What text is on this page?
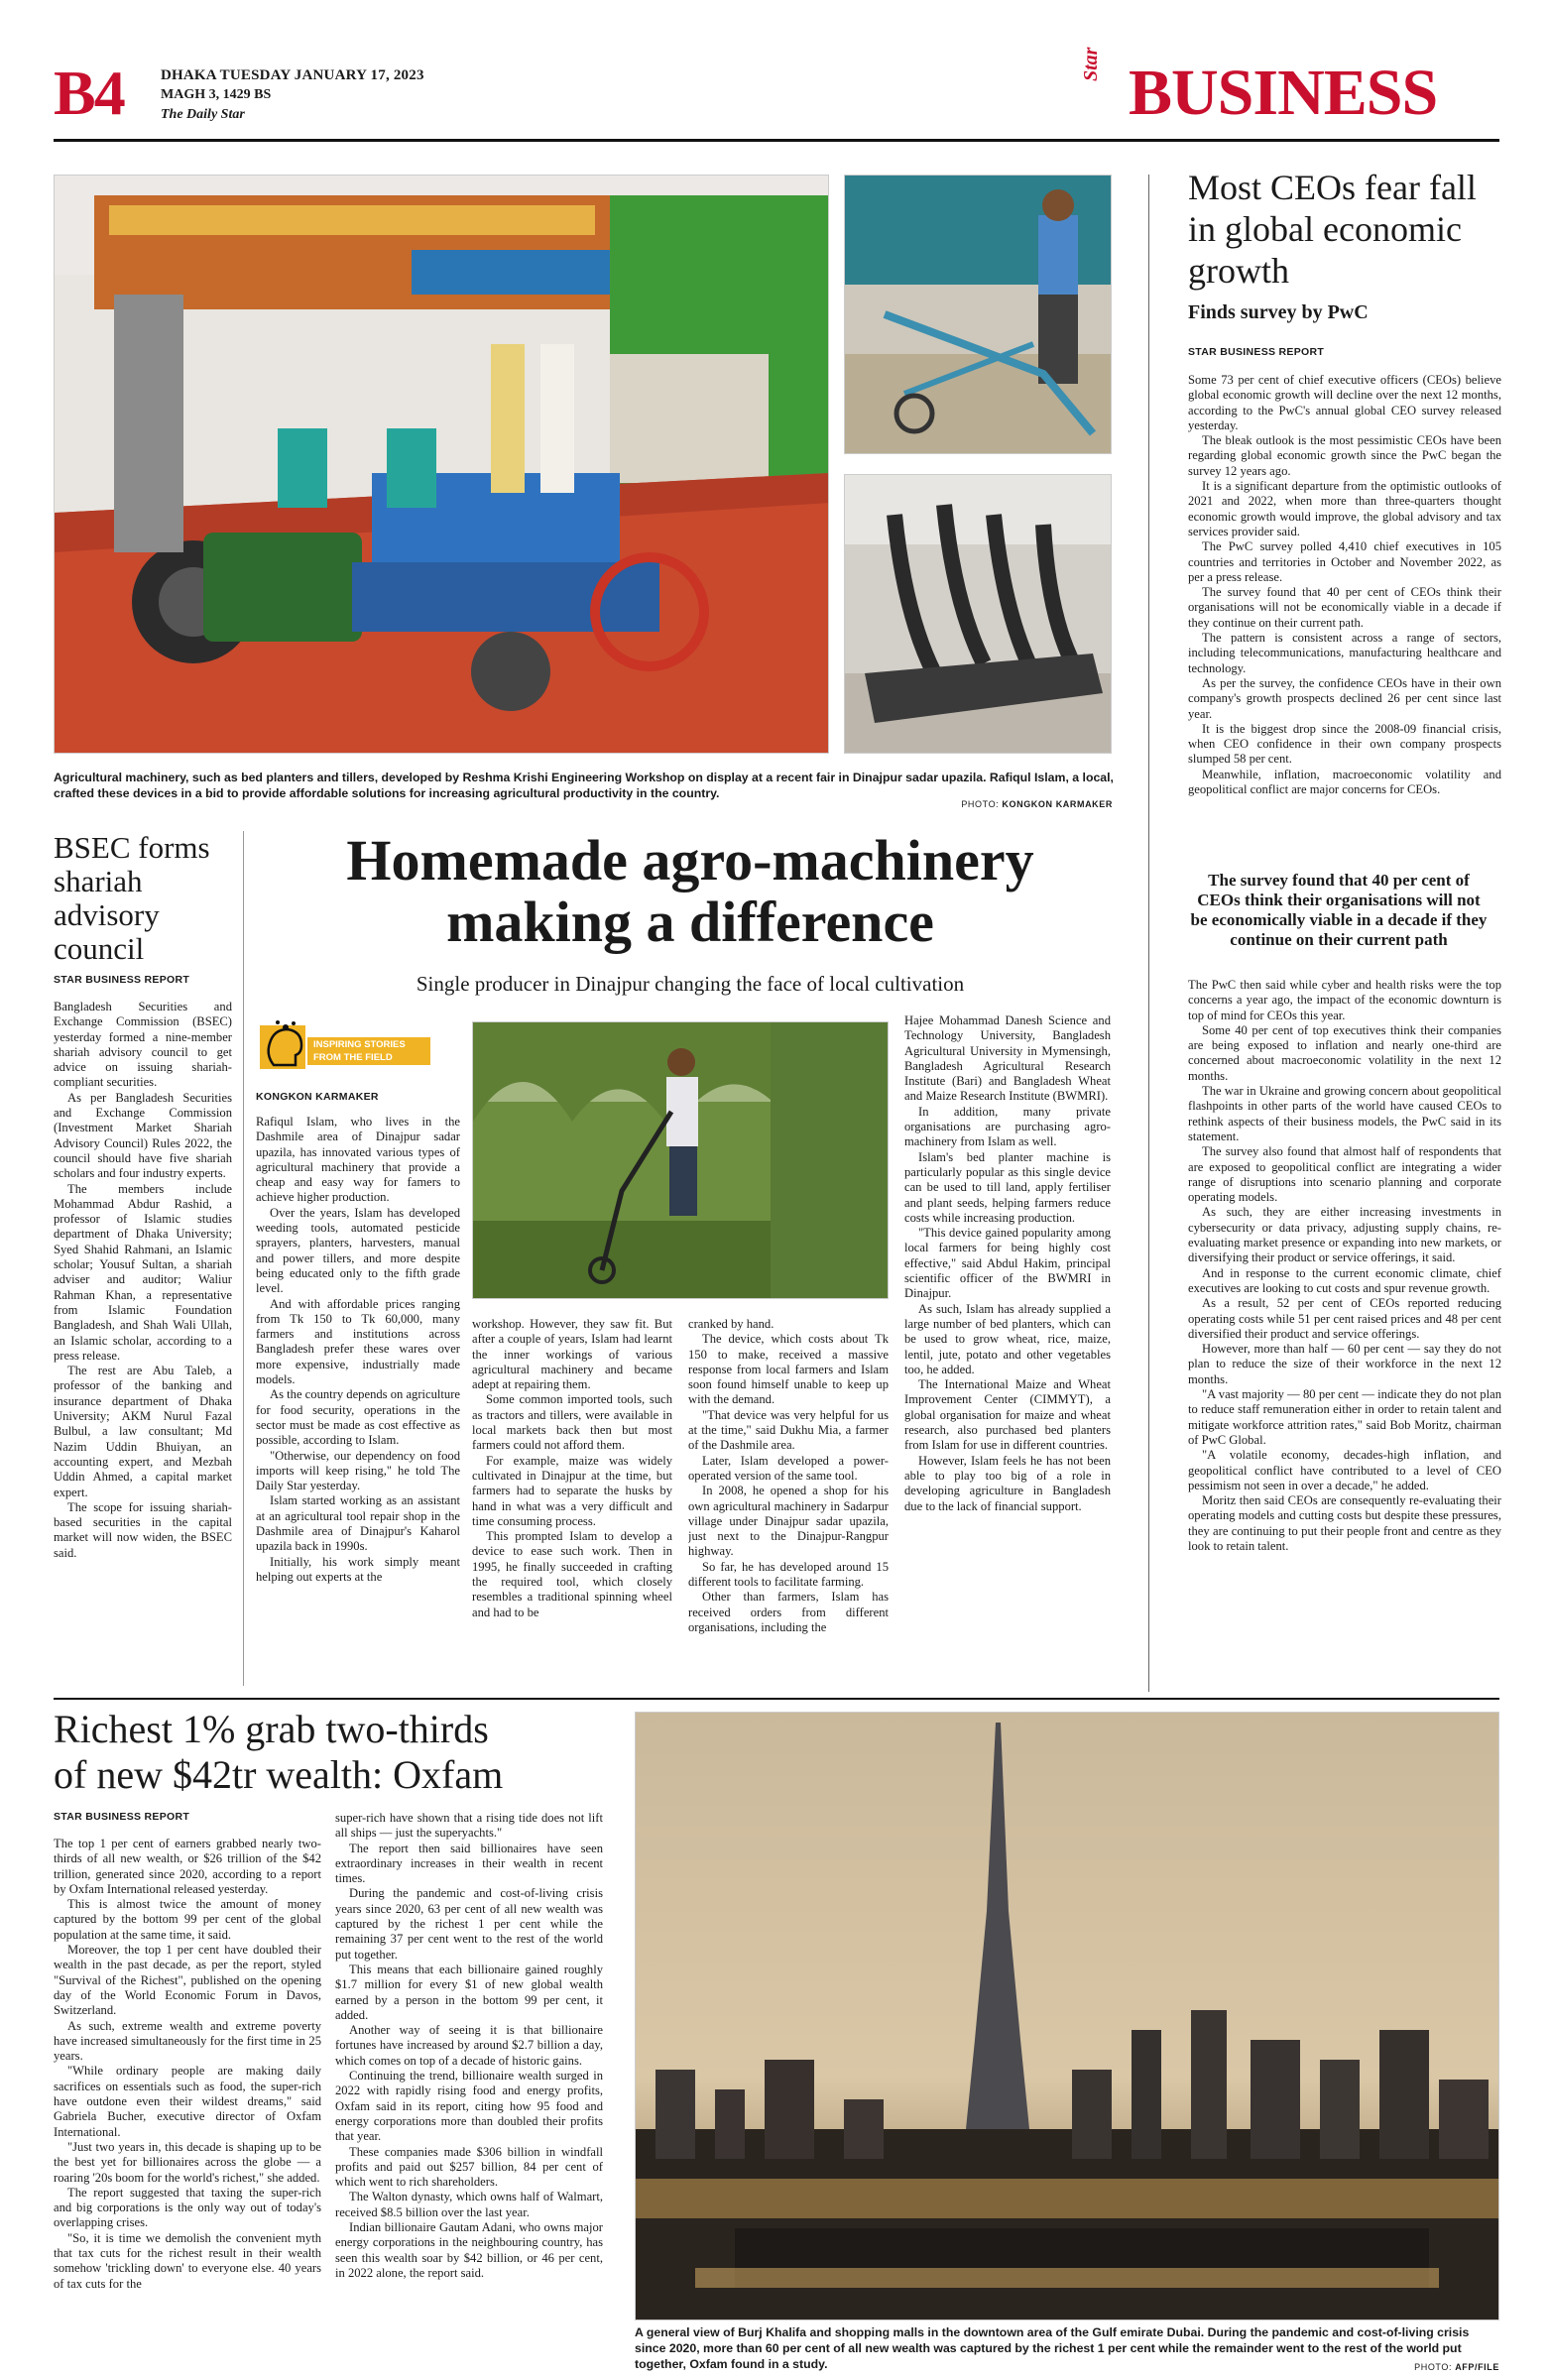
B4 DHAKA TUESDAY JANUARY 17, 2023
MAGH 3, 1429 BS
The Daily Star
Star BUSINESS
Agricultural machinery, such as bed planters and tillers, developed by Reshma Krishi Engineering Workshop on display at a recent fair in Dinajpur sadar upazila. Rafiqul Islam, a local, crafted these devices in a bid to provide affordable solutions for increasing agricultural productivity in the country.
PHOTO: KONGKON KARMAKER
Most CEOs fear fall in global economic growth
Finds survey by PwC
STAR BUSINESS REPORT

Some 73 per cent of chief executive officers (CEOs) believe global economic growth will decline over the next 12 months, according to the PwC's annual global CEO survey released yesterday.

The bleak outlook is the most pessimistic CEOs have been regarding global economic growth since the PwC began the survey 12 years ago.

It is a significant departure from the optimistic outlooks of 2021 and 2022, when more than three-quarters thought economic growth would improve, the global advisory and tax services provider said.

The PwC survey polled 4,410 chief executives in 105 countries and territories in October and November 2022, as per a press release.

The survey found that 40 per cent of CEOs think their organisations will not be economically viable in a decade if they continue on their current path.

The pattern is consistent across a range of sectors, including telecommunications, manufacturing healthcare and technology.

As per the survey, the confidence CEOs have in their own company's growth prospects declined 26 per cent since last year.

It is the biggest drop since the 2008-09 financial crisis, when CEO confidence in their own company prospects slumped 58 per cent.

Meanwhile, inflation, macroeconomic volatility and geopolitical conflict are major concerns for CEOs.

The survey found that 40 per cent of CEOs think their organisations will not be economically viable in a decade if they continue on their current path

The PwC then said while cyber and health risks were the top concerns a year ago, the impact of the economic downturn is top of mind for CEOs this year.

Some 40 per cent of top executives think their companies are being exposed to inflation and nearly one-third are concerned about macroeconomic volatility in the next 12 months.

The war in Ukraine and growing concern about geopolitical flashpoints in other parts of the world have caused CEOs to rethink aspects of their business models, the PwC said in its statement.

The survey also found that almost half of respondents that are exposed to geopolitical conflict are integrating a wider range of disruptions into scenario planning and corporate operating models.

As such, they are either increasing investments in cybersecurity or data privacy, adjusting supply chains, re-evaluating market presence or expanding into new markets, or diversifying their product or service offerings, it said.

And in response to the current economic climate, chief executives are looking to cut costs and spur revenue growth.

As a result, 52 per cent of CEOs reported reducing operating costs while 51 per cent raised prices and 48 per cent diversified their product and service offerings.

However, more than half — 60 per cent — say they do not plan to reduce the size of their workforce in the next 12 months.

"A vast majority — 80 per cent — indicate they do not plan to reduce staff remuneration either in order to retain talent and mitigate workforce attrition rates," said Bob Moritz, chairman of PwC Global.

"A volatile economy, decades-high inflation, and geopolitical conflict have contributed to a level of CEO pessimism not seen in over a decade," he added.

Moritz then said CEOs are consequently re-evaluating their operating models and cutting costs but despite these pressures, they are continuing to put their people front and centre as they look to retain talent.

BSEC forms shariah advisory council
STAR BUSINESS REPORT

Bangladesh Securities and Exchange Commission (BSEC) yesterday formed a nine-member shariah advisory council to get advice on issuing shariah-compliant securities.

As per Bangladesh Securities and Exchange Commission (Investment Market Shariah Advisory Council) Rules 2022, the council should have five shariah scholars and four industry experts.

The members include Mohammad Abdur Rashid, a professor of Islamic studies department of Dhaka University; Syed Shahid Rahmani, an Islamic scholar; Yousuf Sultan, a shariah adviser and auditor; Waliur Rahman Khan, a representative from Islamic Foundation Bangladesh, and Shah Wali Ullah, an Islamic scholar, according to a press release.

The rest are Abu Taleb, a professor of the banking and insurance department of Dhaka University; AKM Nurul Fazal Bulbul, a law consultant; Md Nazim Uddin Bhuiyan, an accounting expert, and Mezbah Uddin Ahmed, a capital market expert.

The scope for issuing shariah-based securities in the capital market will now widen, the BSEC said.

Homemade agro-machinery
making a difference
Single producer in Dinajpur changing the face of local cultivation
INSPIRING STORIES
FROM THE FIELD
KONGKON KARMAKER

Rafiqul Islam, who lives in the Dashmile area of Dinajpur sadar upazila, has innovated various types of agricultural machinery that provide a cheap and easy way for famers to achieve higher production.

Over the years, Islam has developed weeding tools, automated pesticide sprayers, planters, harvesters, manual and power tillers, and more despite being educated only to the fifth grade level.

And with affordable prices ranging from Tk 150 to Tk 60,000, many farmers and institutions across Bangladesh prefer these wares over more expensive, industrially made models.

As the country depends on agriculture for food security, operations in the sector must be made as cost effective as possible, according to Islam.

"Otherwise, our dependency on food imports will keep rising," he told The Daily Star yesterday.

Islam started working as an assistant at an agricultural tool repair shop in the Dashmile area of Dinajpur's Kaharol upazila back in 1990s.

Initially, his work simply meant helping out experts at the

workshop. However, they saw fit. But after a couple of years, Islam had learnt the inner workings of various agricultural machinery and became adept at repairing them.

Some common imported tools, such as tractors and tillers, were available in local markets back then but most farmers could not afford them.

For example, maize was widely cultivated in Dinajpur at the time, but farmers had to separate the husks by hand in what was a very difficult and time consuming process.

This prompted Islam to develop a device to ease such work. Then in 1995, he finally succeeded in crafting the required tool, which closely resembles a traditional spinning wheel and had to be

cranked by hand.

The device, which costs about Tk 150 to make, received a massive response from local farmers and Islam soon found himself unable to keep up with the demand.

"That device was very helpful for us at the time," said Dukhu Mia, a farmer of the Dashmile area.

Later, Islam developed a power-operated version of the same tool.

In 2008, he opened a shop for his own agricultural machinery in Sadarpur village under Dinajpur sadar upazila, just next to the Dinajpur-Rangpur highway.

So far, he has developed around 15 different tools to facilitate farming.

Other than farmers, Islam has received orders from different organisations, including the

Hajee Mohammad Danesh Science and Technology University, Bangladesh Agricultural University in Mymensingh, Bangladesh Agricultural Research Institute (Bari) and Bangladesh Wheat and Maize Research Institute (BWMRI).

In addition, many private organisations are purchasing agro-machinery from Islam as well.

Islam's bed planter machine is particularly popular as this single device can be used to till land, apply fertiliser and plant seeds, helping farmers reduce costs while increasing production.

"This device gained popularity among local farmers for being highly cost effective," said Abdul Hakim, principal scientific officer of the BWMRI in Dinajpur.

As such, Islam has already supplied a large number of bed planters, which can be used to grow wheat, rice, maize, lentil, jute, potato and other vegetables too, he added.

The International Maize and Wheat Improvement Center (CIMMYT), a global organisation for maize and wheat research, also purchased bed planters from Islam for use in different countries.

However, Islam feels he has not been able to play too big of a role in developing agriculture in Bangladesh due to the lack of financial support.

Richest 1% grab two-thirds
of new $42tr wealth: Oxfam
STAR BUSINESS REPORT

The top 1 per cent of earners grabbed nearly two-thirds of all new wealth, or $26 trillion of the $42 trillion, generated since 2020, according to a report by Oxfam International released yesterday.

This is almost twice the amount of money captured by the bottom 99 per cent of the global population at the same time, it said.

Moreover, the top 1 per cent have doubled their wealth in the past decade, as per the report, styled "Survival of the Richest", published on the opening day of the World Economic Forum in Davos, Switzerland.

As such, extreme wealth and extreme poverty have increased simultaneously for the first time in 25 years.

"While ordinary people are making daily sacrifices on essentials such as food, the super-rich have outdone even their wildest dreams," said Gabriela Bucher, executive director of Oxfam International.

"Just two years in, this decade is shaping up to be the best yet for billionaires across the globe — a roaring '20s boom for the world's richest," she added.

The report suggested that taxing the super-rich and big corporations is the only way out of today's overlapping crises.

"So, it is time we demolish the convenient myth that tax cuts for the richest result in their wealth somehow 'trickling down' to everyone else. 40 years of tax cuts for the

super-rich have shown that a rising tide does not lift all ships — just the superyachts."

The report then said billionaires have seen extraordinary increases in their wealth in recent times.

During the pandemic and cost-of-living crisis years since 2020, 63 per cent of all new wealth was captured by the richest 1 per cent while the remaining 37 per cent went to the rest of the world put together.

This means that each billionaire gained roughly $1.7 million for every $1 of new global wealth earned by a person in the bottom 99 per cent, it added.

Another way of seeing it is that billionaire fortunes have increased by around $2.7 billion a day, which comes on top of a decade of historic gains.

Continuing the trend, billionaire wealth surged in 2022 with rapidly rising food and energy profits, Oxfam said in its report, citing how 95 food and energy corporations more than doubled their profits that year.

These companies made $306 billion in windfall profits and paid out $257 billion, 84 per cent of which went to rich shareholders.

The Walton dynasty, which owns half of Walmart, received $8.5 billion over the last year.

Indian billionaire Gautam Adani, who owns major energy corporations in the neighbouring country, has seen this wealth soar by $42 billion, or 46 per cent, in 2022 alone, the report said.

A general view of Burj Khalifa and shopping malls in the downtown area of the Gulf emirate Dubai. During the pandemic and cost-of-living crisis since 2020, more than 60 per cent of all new wealth was captured by the richest 1 per cent while the remainder went to the rest of the world put together, Oxfam found in a study.	PHOTO: AFP/FILE
